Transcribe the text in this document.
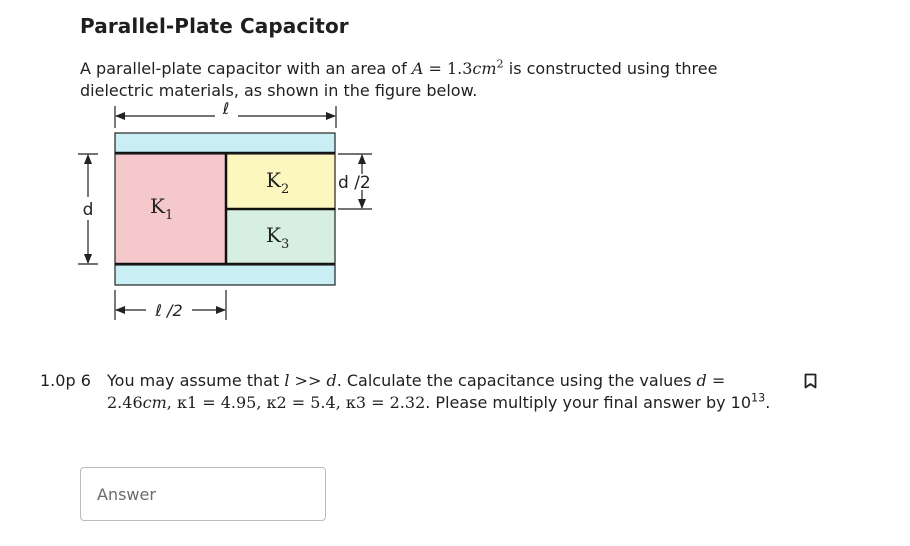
Parallel-Plate Capacitor
A parallel-plate capacitor with an area of $A = 1.3cm^2$ is constructed using three dielectric materials, as shown in the figure below.
ℓ
$K_1$
$K_2$
$K_3$
d
d /2
ℓ /2
1.0p 6 You may assume that l >> d. Calculate the capacitance using the values d = 2.46cm, κ1 = 4.95, κ2 = 5.4, κ3 = 2.32. Please multiply your final answer by $10^{13}$.
Answer
